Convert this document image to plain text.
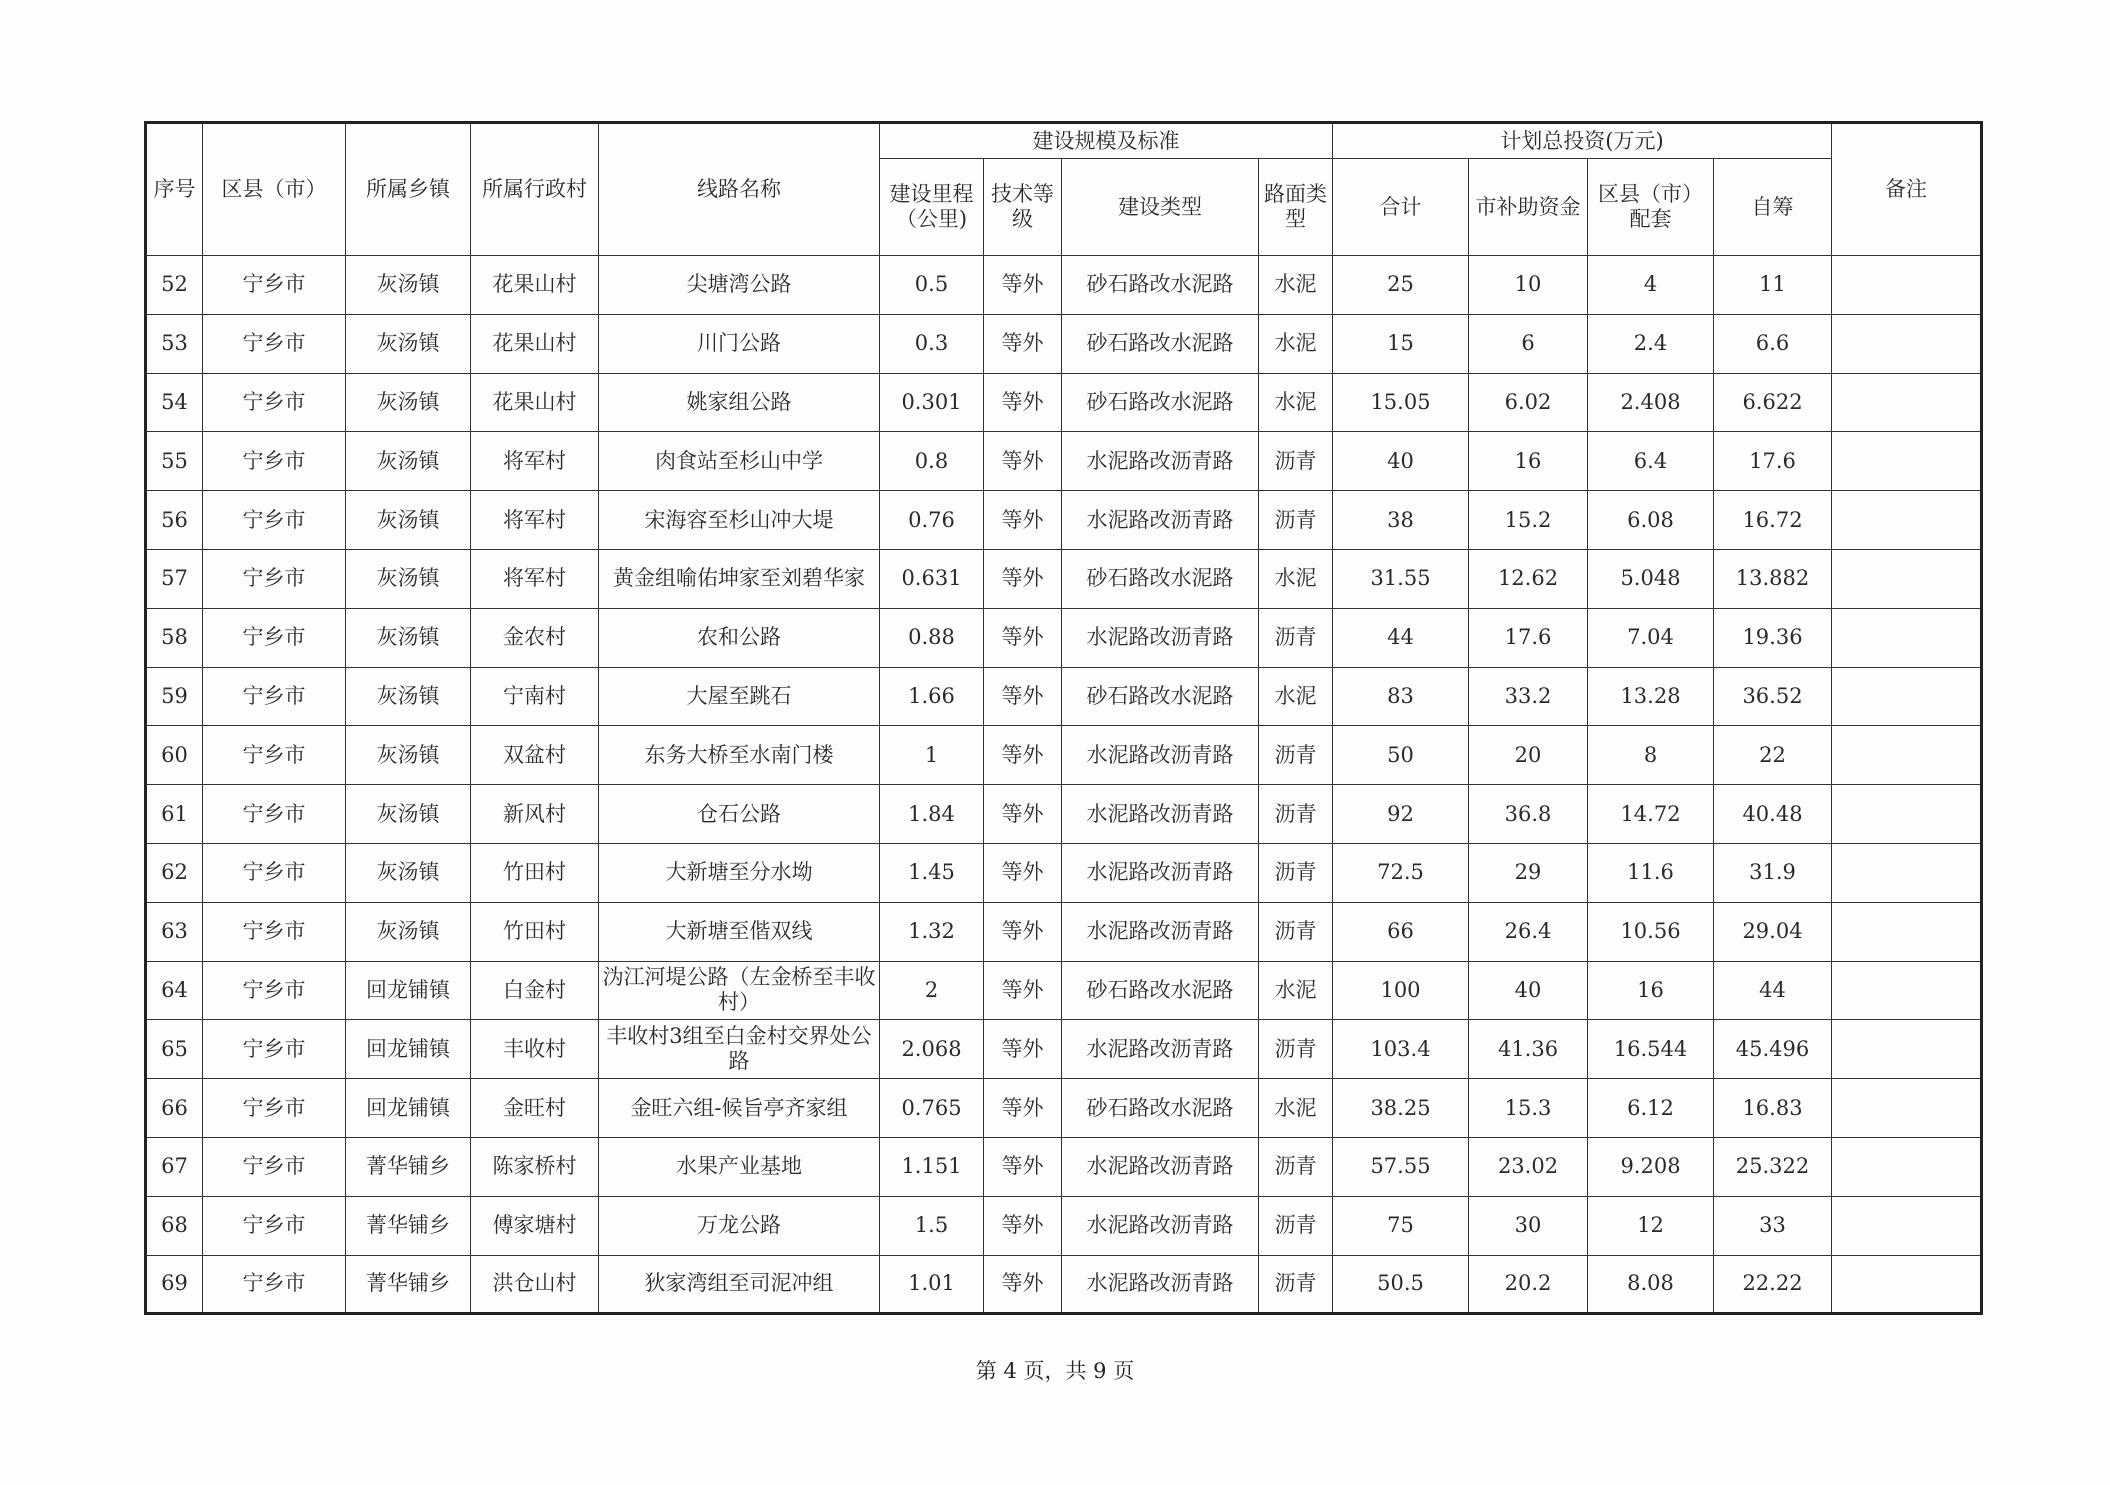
序号	区县（市）	所属乡镇	所属行政村	线路名称	建设规模及标准				计划总投资(万元)				备注
					建设里程（公里)	技术等级	建设类型	路面类型	合计	市补助资金	区县（市）配套	自筹	
52	宁乡市	灰汤镇	花果山村	尖塘湾公路	0.5	等外	砂石路改水泥路	水泥	25	10	4	11	
53	宁乡市	灰汤镇	花果山村	川门公路	0.3	等外	砂石路改水泥路	水泥	15	6	2.4	6.6	
54	宁乡市	灰汤镇	花果山村	姚家组公路	0.301	等外	砂石路改水泥路	水泥	15.05	6.02	2.408	6.622	
55	宁乡市	灰汤镇	将军村	肉食站至杉山中学	0.8	等外	水泥路改沥青路	沥青	40	16	6.4	17.6	
56	宁乡市	灰汤镇	将军村	宋海容至杉山冲大堤	0.76	等外	水泥路改沥青路	沥青	38	15.2	6.08	16.72	
57	宁乡市	灰汤镇	将军村	黄金组喻佑坤家至刘碧华家	0.631	等外	砂石路改水泥路	水泥	31.55	12.62	5.048	13.882	
58	宁乡市	灰汤镇	金农村	农和公路	0.88	等外	水泥路改沥青路	沥青	44	17.6	7.04	19.36	
59	宁乡市	灰汤镇	宁南村	大屋至跳石	1.66	等外	砂石路改水泥路	水泥	83	33.2	13.28	36.52	
60	宁乡市	灰汤镇	双盆村	东务大桥至水南门楼	1	等外	水泥路改沥青路	沥青	50	20	8	22	
61	宁乡市	灰汤镇	新风村	仓石公路	1.84	等外	水泥路改沥青路	沥青	92	36.8	14.72	40.48	
62	宁乡市	灰汤镇	竹田村	大新塘至分水坳	1.45	等外	水泥路改沥青路	沥青	72.5	29	11.6	31.9	
63	宁乡市	灰汤镇	竹田村	大新塘至偕双线	1.32	等外	水泥路改沥青路	沥青	66	26.4	10.56	29.04	
64	宁乡市	回龙铺镇	白金村	沩江河堤公路（左金桥至丰收村）	2	等外	砂石路改水泥路	水泥	100	40	16	44	
65	宁乡市	回龙铺镇	丰收村	丰收村3组至白金村交界处公路	2.068	等外	水泥路改沥青路	沥青	103.4	41.36	16.544	45.496	
66	宁乡市	回龙铺镇	金旺村	金旺六组-候旨亭齐家组	0.765	等外	砂石路改水泥路	水泥	38.25	15.3	6.12	16.83	
67	宁乡市	菁华铺乡	陈家桥村	水果产业基地	1.151	等外	水泥路改沥青路	沥青	57.55	23.02	9.208	25.322	
68	宁乡市	菁华铺乡	傅家塘村	万龙公路	1.5	等外	水泥路改沥青路	沥青	75	30	12	33	
69	宁乡市	菁华铺乡	洪仓山村	狄家湾组至司泥冲组	1.01	等外	水泥路改沥青路	沥青	50.5	20.2	8.08	22.22	
第 4 页，共 9 页
